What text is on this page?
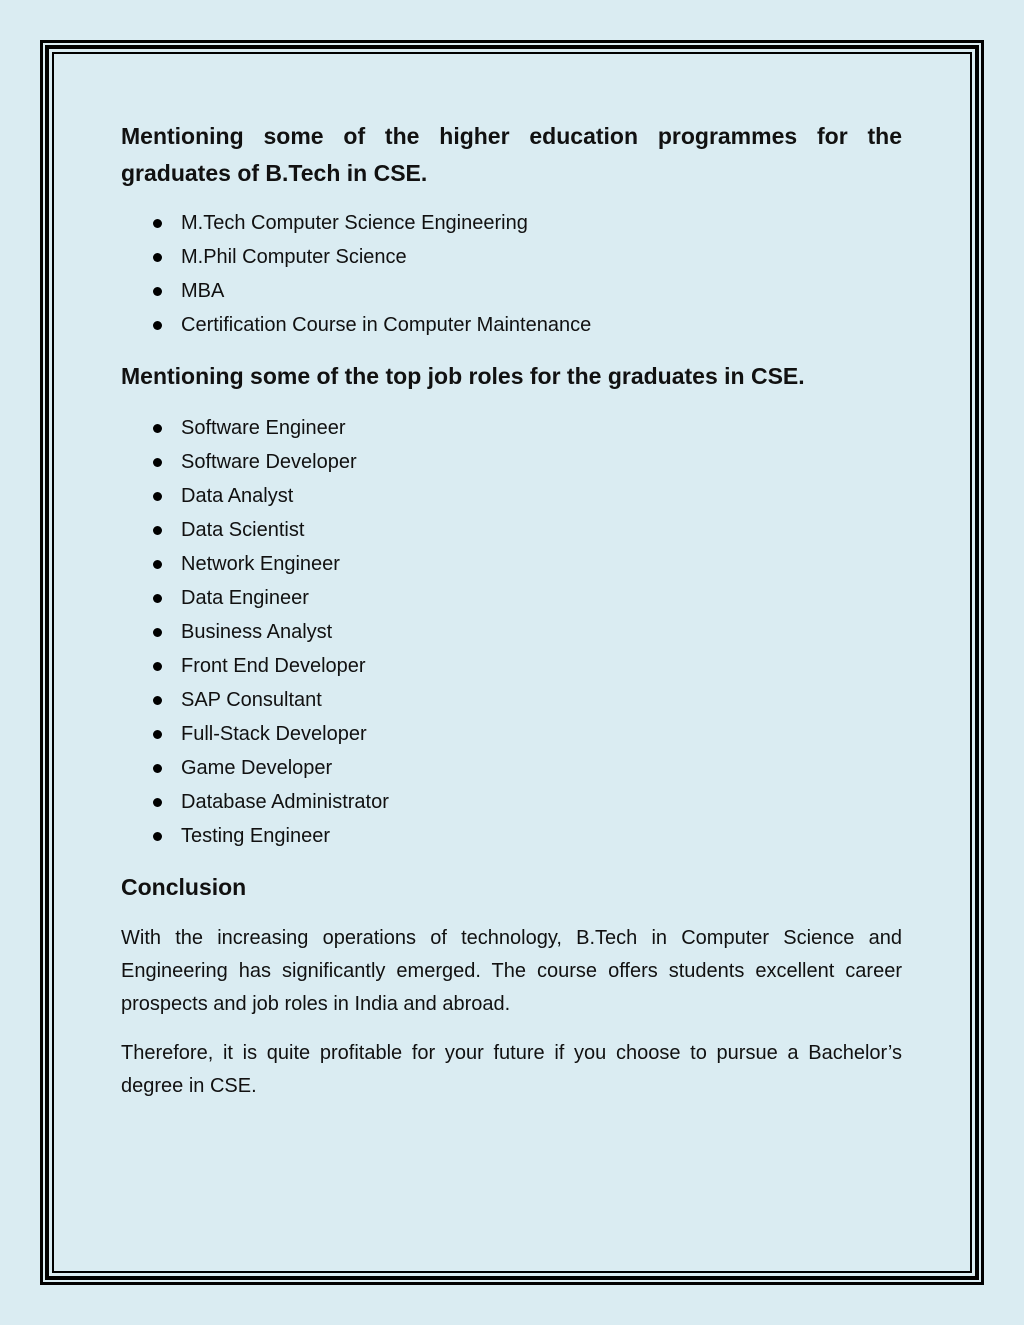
Mentioning some of the higher education programmes for the graduates of B.Tech in CSE.
M.Tech Computer Science Engineering
M.Phil Computer Science
MBA
Certification Course in Computer Maintenance
Mentioning some of the top job roles for the graduates in CSE.
Software Engineer
Software Developer
Data Analyst
Data Scientist
Network Engineer
Data Engineer
Business Analyst
Front End Developer
SAP Consultant
Full-Stack Developer
Game Developer
Database Administrator
Testing Engineer
Conclusion

With the increasing operations of technology, B.Tech in Computer Science and Engineering has significantly emerged. The course offers students excellent career prospects and job roles in India and abroad.

Therefore, it is quite profitable for your future if you choose to pursue a Bachelor’s degree in CSE.
